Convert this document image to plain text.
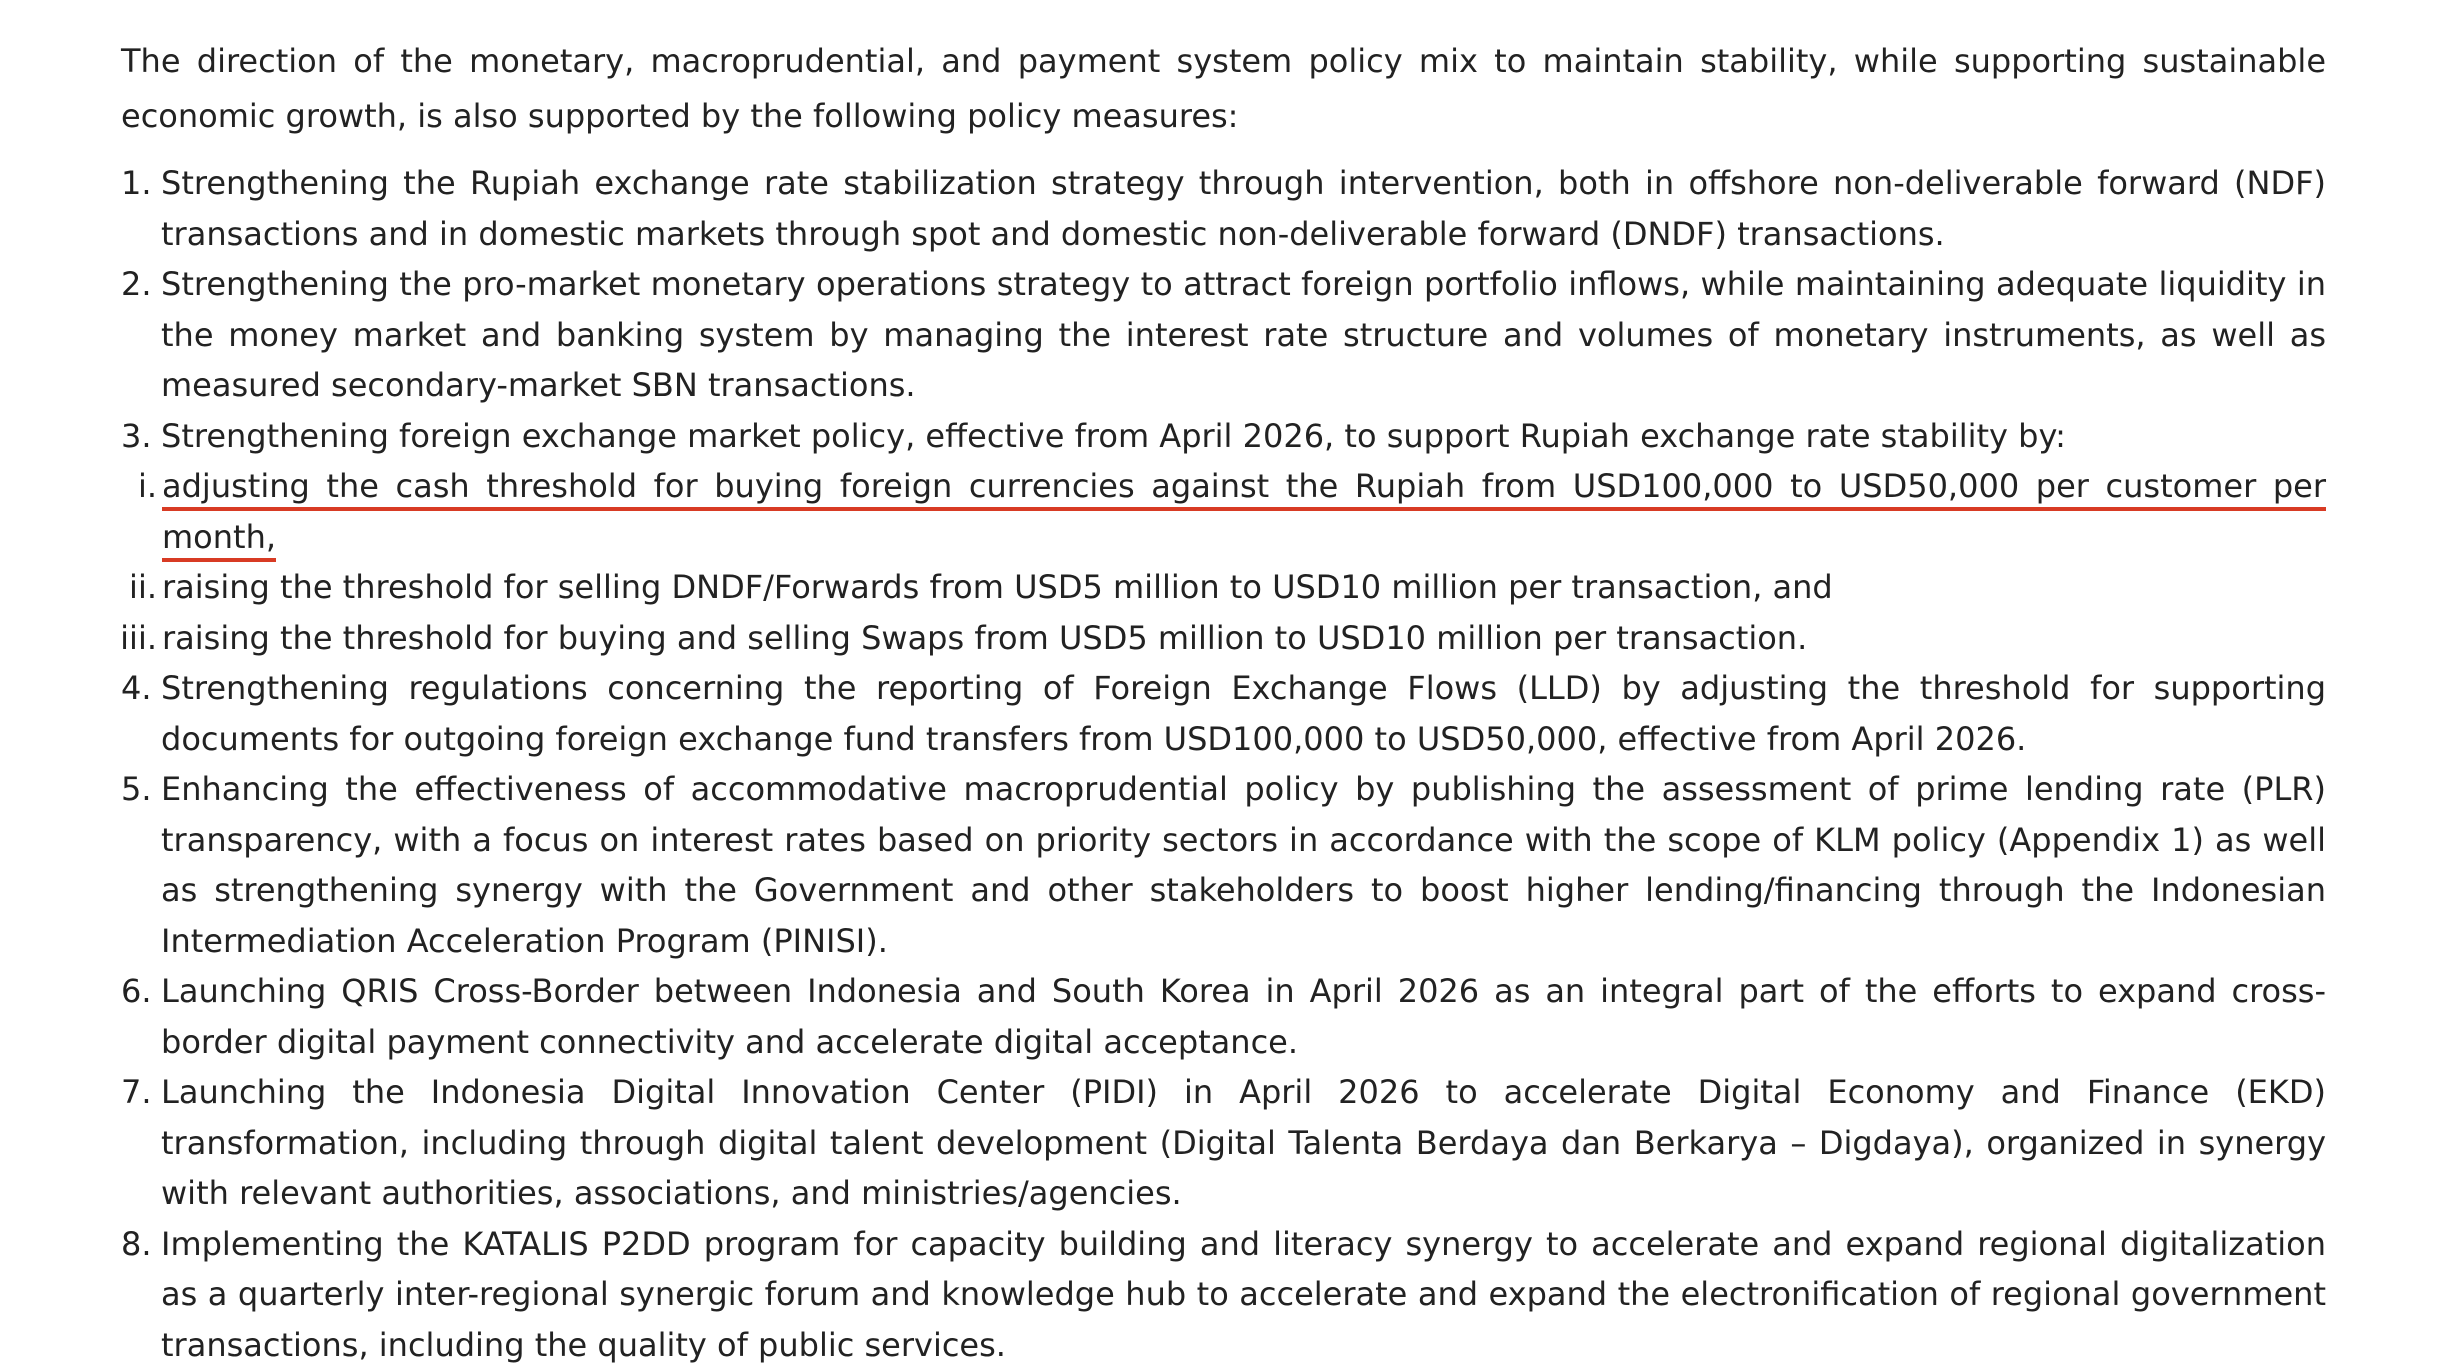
The direction of the monetary, macroprudential, and payment system policy mix to maintain stability, while supporting sustainable economic growth, is also supported by the following policy measures:

1. Strengthening the Rupiah exchange rate stabilization strategy through intervention, both in offshore non-deliverable forward (NDF) transactions and in domestic markets through spot and domestic non-deliverable forward (DNDF) transactions.
2. Strengthening the pro-market monetary operations strategy to attract foreign portfolio inflows, while maintaining adequate liquidity in the money market and banking system by managing the interest rate structure and volumes of monetary instruments, as well as measured secondary-market SBN transactions.
3. Strengthening foreign exchange market policy, effective from April 2026, to support Rupiah exchange rate stability by:
i. adjusting the cash threshold for buying foreign currencies against the Rupiah from USD100,000 to USD50,000 per customer per month,
ii. raising the threshold for selling DNDF/Forwards from USD5 million to USD10 million per transaction, and
iii. raising the threshold for buying and selling Swaps from USD5 million to USD10 million per transaction.
4. Strengthening regulations concerning the reporting of Foreign Exchange Flows (LLD) by adjusting the threshold for supporting documents for outgoing foreign exchange fund transfers from USD100,000 to USD50,000, effective from April 2026.
5. Enhancing the effectiveness of accommodative macroprudential policy by publishing the assessment of prime lending rate (PLR) transparency, with a focus on interest rates based on priority sectors in accordance with the scope of KLM policy (Appendix 1) as well as strengthening synergy with the Government and other stakeholders to boost higher lending/financing through the Indonesian Intermediation Acceleration Program (PINISI).
6. Launching QRIS Cross-Border between Indonesia and South Korea in April 2026 as an integral part of the efforts to expand cross-border digital payment connectivity and accelerate digital acceptance.
7. Launching the Indonesia Digital Innovation Center (PIDI) in April 2026 to accelerate Digital Economy and Finance (EKD) transformation, including through digital talent development (Digital Talenta Berdaya dan Berkarya – Digdaya), organized in synergy with relevant authorities, associations, and ministries/agencies.
8. Implementing the KATALIS P2DD program for capacity building and literacy synergy to accelerate and expand regional digitalization as a quarterly inter-regional synergic forum and knowledge hub to accelerate and expand the electronification of regional government transactions, including the quality of public services.
